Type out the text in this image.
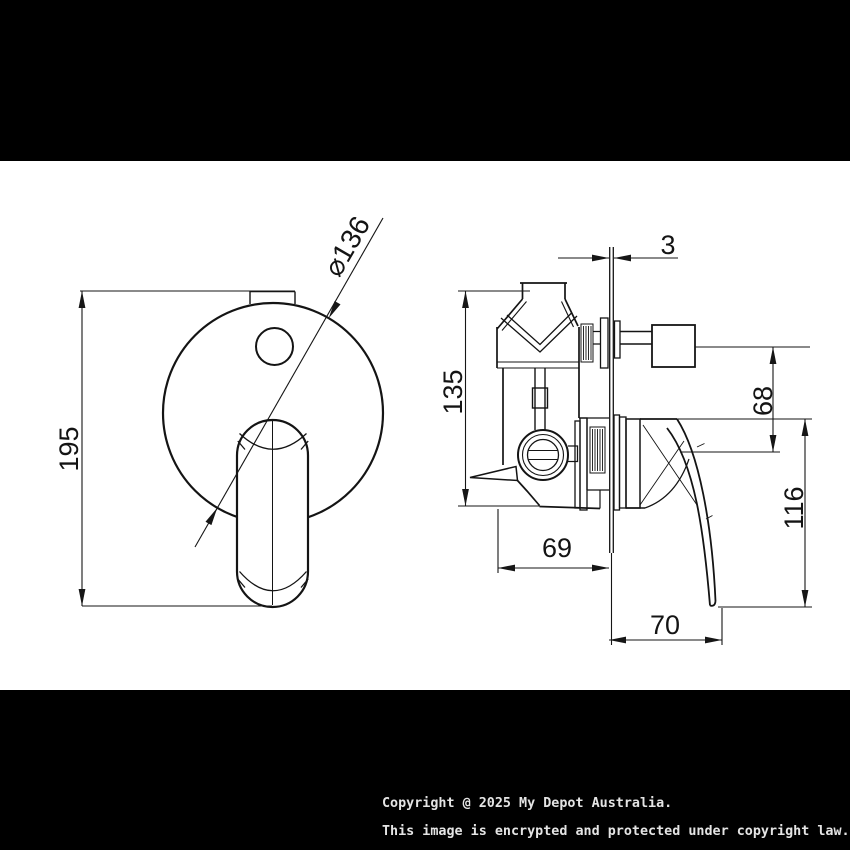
195
⌀136	3
135	68
116
69
70
Copyright @ 2025 My Depot Australia.
This image is encrypted and protected under copyright law.
